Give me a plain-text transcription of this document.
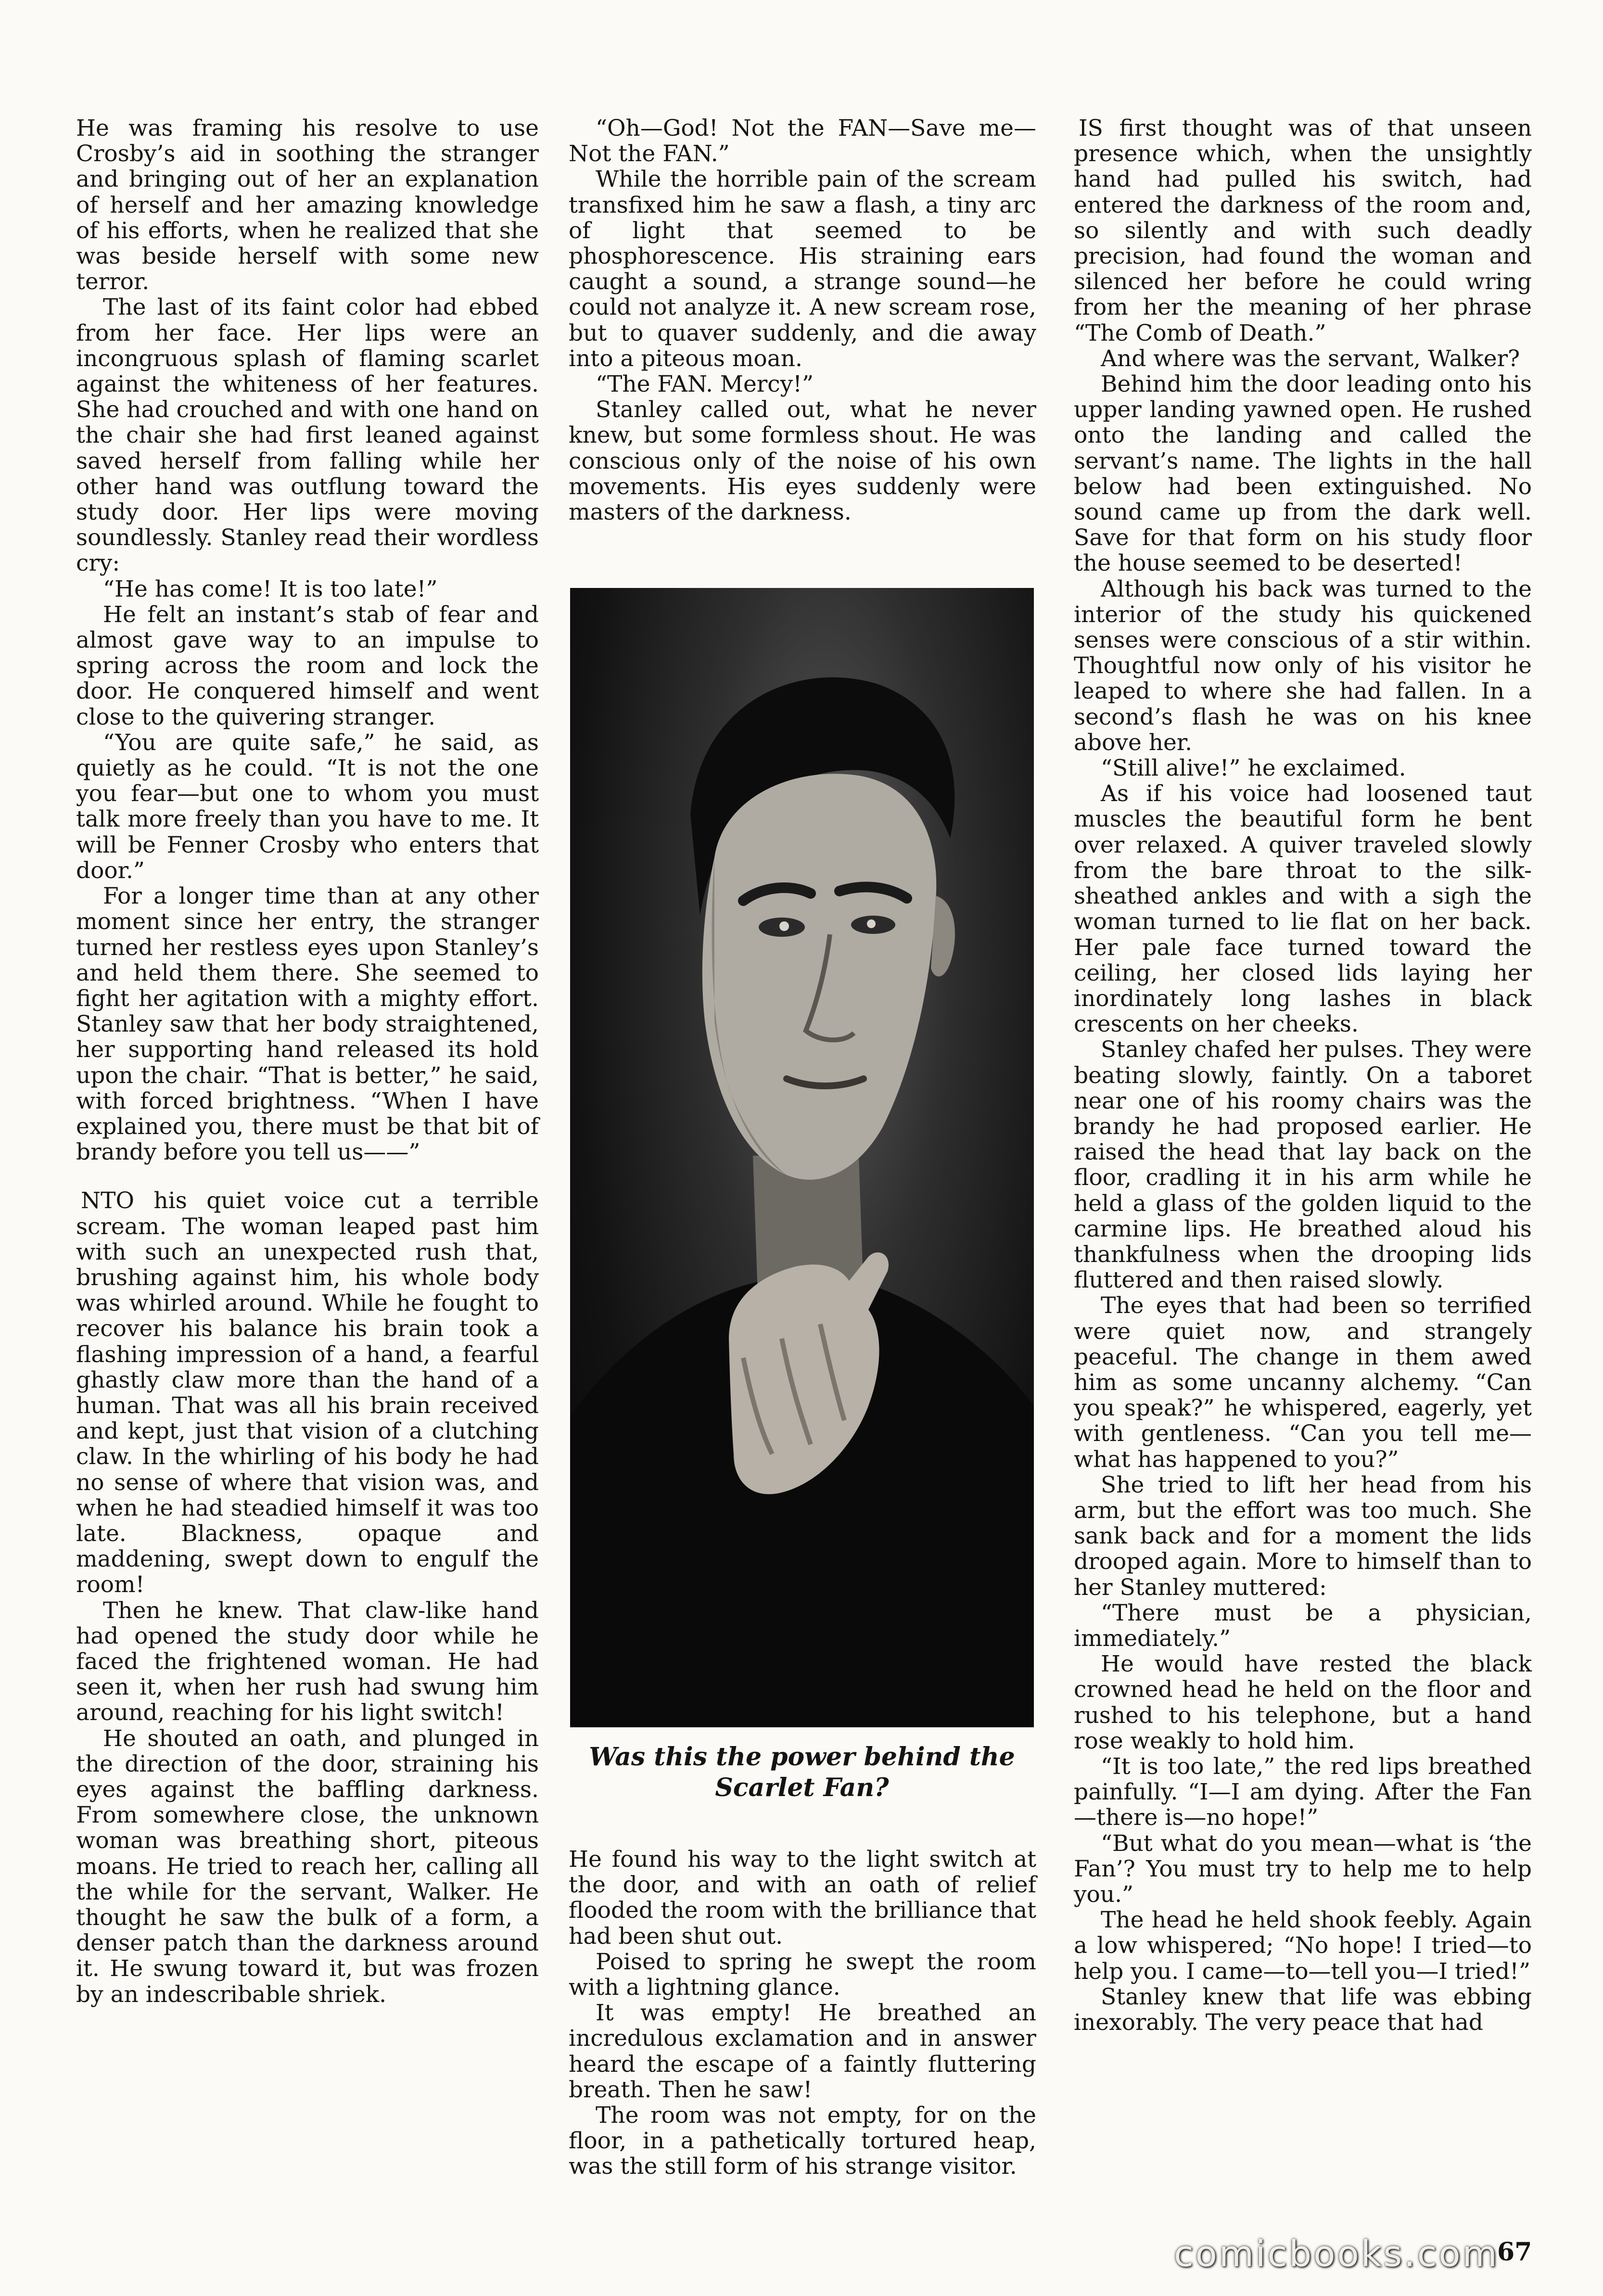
He was framing his resolve to use Crosby’s aid in soothing the stranger and bringing out of her an explanation of herself and her amazing knowledge of his efforts, when he realized that she was beside herself with some new terror.

The last of its faint color had ebbed from her face. Her lips were an incongruous splash of flaming scarlet against the whiteness of her features. She had crouched and with one hand on the chair she had first leaned against saved herself from falling while her other hand was outflung toward the study door. Her lips were moving soundlessly. Stanley read their wordless cry:

“He has come! It is too late!”

He felt an instant’s stab of fear and almost gave way to an impulse to spring across the room and lock the door. He conquered himself and went close to the quivering stranger.

“You are quite safe,” he said, as quietly as he could. “It is not the one you fear—but one to whom you must talk more freely than you have to me. It will be Fenner Crosby who enters that door.”

For a longer time than at any other moment since her entry, the stranger turned her restless eyes upon Stanley’s and held them there. She seemed to fight her agitation with a mighty effort. Stanley saw that her body straightened, her supporting hand released its hold upon the chair. “That is better,” he said, with forced brightness. “When I have explained you, there must be that bit of brandy before you tell us——”

NTO his quiet voice cut a terrible scream. The woman leaped past him with such an unexpected rush that, brushing against him, his whole body was whirled around. While he fought to recover his balance his brain took a flashing impression of a hand, a fearful ghastly claw more than the hand of a human. That was all his brain received and kept, just that vision of a clutching claw. In the whirling of his body he had no sense of where that vision was, and when he had steadied himself it was too late. Blackness, opaque and maddening, swept down to engulf the room!

Then he knew. That claw-like hand had opened the study door while he faced the frightened woman. He had seen it, when her rush had swung him around, reaching for his light switch!

He shouted an oath, and plunged in the direction of the door, straining his eyes against the baffling darkness. From somewhere close, the unknown woman was breathing short, piteous moans. He tried to reach her, calling all the while for the servant, Walker. He thought he saw the bulk of a form, a denser patch than the darkness around it. He swung toward it, but was frozen by an indescribable shriek.

“Oh—God! Not the FAN—Save me—Not the FAN.”

While the horrible pain of the scream transfixed him he saw a flash, a tiny arc of light that seemed to be phosphorescence. His straining ears caught a sound, a strange sound—he could not analyze it. A new scream rose, but to quaver suddenly, and die away into a piteous moan.

“The FAN. Mercy!”

Stanley called out, what he never knew, but some formless shout. He was conscious only of the noise of his own movements. His eyes suddenly were masters of the darkness.

Was this the power behind the Scarlet Fan?

He found his way to the light switch at the door, and with an oath of relief flooded the room with the brilliance that had been shut out.

Poised to spring he swept the room with a lightning glance.

It was empty! He breathed an incredulous exclamation and in answer heard the escape of a faintly fluttering breath. Then he saw!

The room was not empty, for on the floor, in a pathetically tortured heap, was the still form of his strange visitor.

IS first thought was of that unseen presence which, when the unsightly hand had pulled his switch, had entered the darkness of the room and, so silently and with such deadly precision, had found the woman and silenced her before he could wring from her the meaning of her phrase “The Comb of Death.”

And where was the servant, Walker?

Behind him the door leading onto his upper landing yawned open. He rushed onto the landing and called the servant’s name. The lights in the hall below had been extinguished. No sound came up from the dark well. Save for that form on his study floor the house seemed to be deserted!

Although his back was turned to the interior of the study his quickened senses were conscious of a stir within. Thoughtful now only of his visitor he leaped to where she had fallen. In a second’s flash he was on his knee above her.

“Still alive!” he exclaimed.

As if his voice had loosened taut muscles the beautiful form he bent over relaxed. A quiver traveled slowly from the bare throat to the silk-sheathed ankles and with a sigh the woman turned to lie flat on her back. Her pale face turned toward the ceiling, her closed lids laying her inordinately long lashes in black crescents on her cheeks.

Stanley chafed her pulses. They were beating slowly, faintly. On a taboret near one of his roomy chairs was the brandy he had proposed earlier. He raised the head that lay back on the floor, cradling it in his arm while he held a glass of the golden liquid to the carmine lips. He breathed aloud his thankfulness when the drooping lids fluttered and then raised slowly.

The eyes that had been so terrified were quiet now, and strangely peaceful. The change in them awed him as some uncanny alchemy. “Can you speak?” he whispered, eagerly, yet with gentleness. “Can you tell me—what has happened to you?”

She tried to lift her head from his arm, but the effort was too much. She sank back and for a moment the lids drooped again. More to himself than to her Stanley muttered:

“There must be a physician, immediately.”

He would have rested the black crowned head he held on the floor and rushed to his telephone, but a hand rose weakly to hold him.

“It is too late,” the red lips breathed painfully. “I—I am dying. After the Fan—there is—no hope!”

“But what do you mean—what is ‘the Fan’? You must try to help me to help you.”

The head he held shook feebly. Again a low whispered; “No hope! I tried—to help you. I came—to—tell you—I tried!”

Stanley knew that life was ebbing inexorably. The very peace that had

comicbooks.com
67
